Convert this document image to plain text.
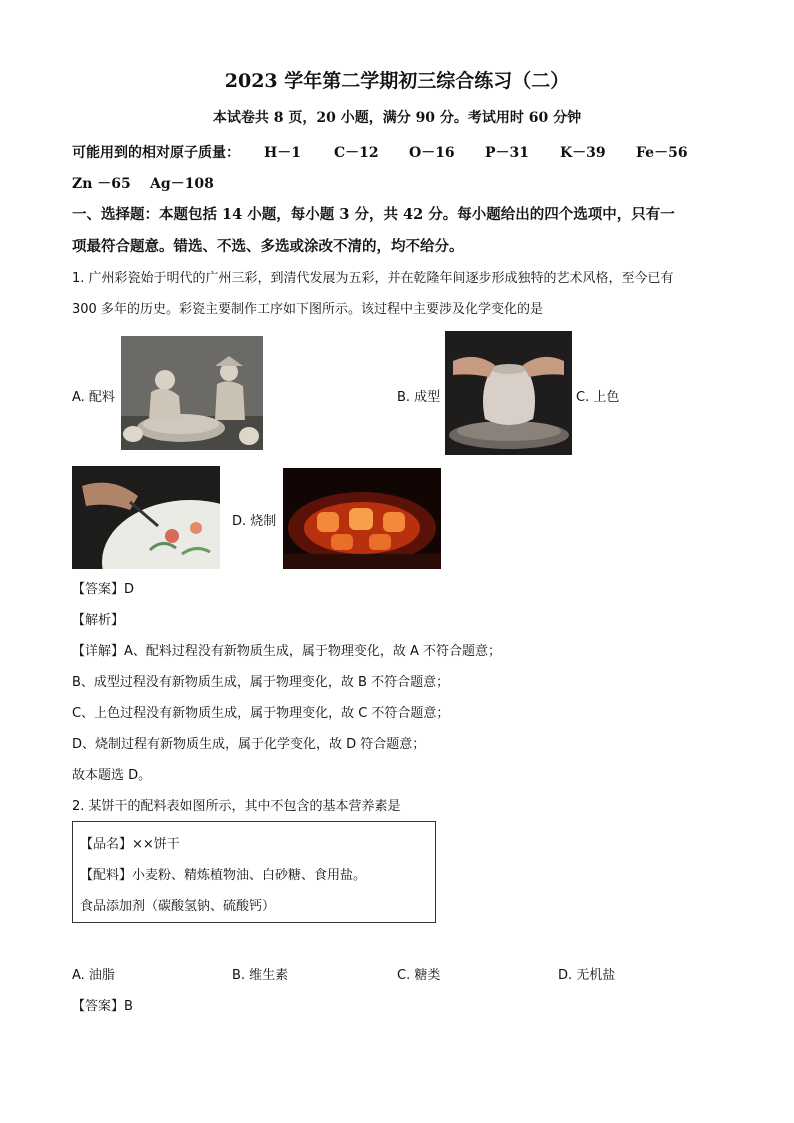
2023 学年第二学期初三综合练习（二）
本试卷共 8 页，20 小题，满分 90 分。考试用时 60 分钟
可能用到的相对原子质量： H－1 C－12 O－16 P－31 K－39 Fe－56
Zn －65 Ag－108
一、选择题：本题包括 14 小题，每小题 3 分，共 42 分。每小题给出的四个选项中，只有一
项最符合题意。错选、不选、多选或涂改不清的，均不给分。
1. 广州彩瓷始于明代的广州三彩，到清代发展为五彩，并在乾隆年间逐步形成独特的艺术风格，至今已有
300 多年的历史。彩瓷主要制作工序如下图所示。该过程中主要涉及化学变化的是
A. 配料	B. 成型	C. 上色
D. 烧制
【答案】D
【解析】
【详解】A、配料过程没有新物质生成，属于物理变化，故 A 不符合题意；
B、成型过程没有新物质生成，属于物理变化，故 B 不符合题意；
C、上色过程没有新物质生成，属于物理变化，故 C 不符合题意；
D、烧制过程有新物质生成，属于化学变化，故 D 符合题意；
故本题选 D。
2. 某饼干的配料表如图所示，其中不包含的基本营养素是
【品名】××饼干
【配料】小麦粉、精炼植物油、白砂糖、食用盐。
食品添加剂（碳酸氢钠、硫酸钙）
A. 油脂	B. 维生素	C. 糖类	D. 无机盐
【答案】B
